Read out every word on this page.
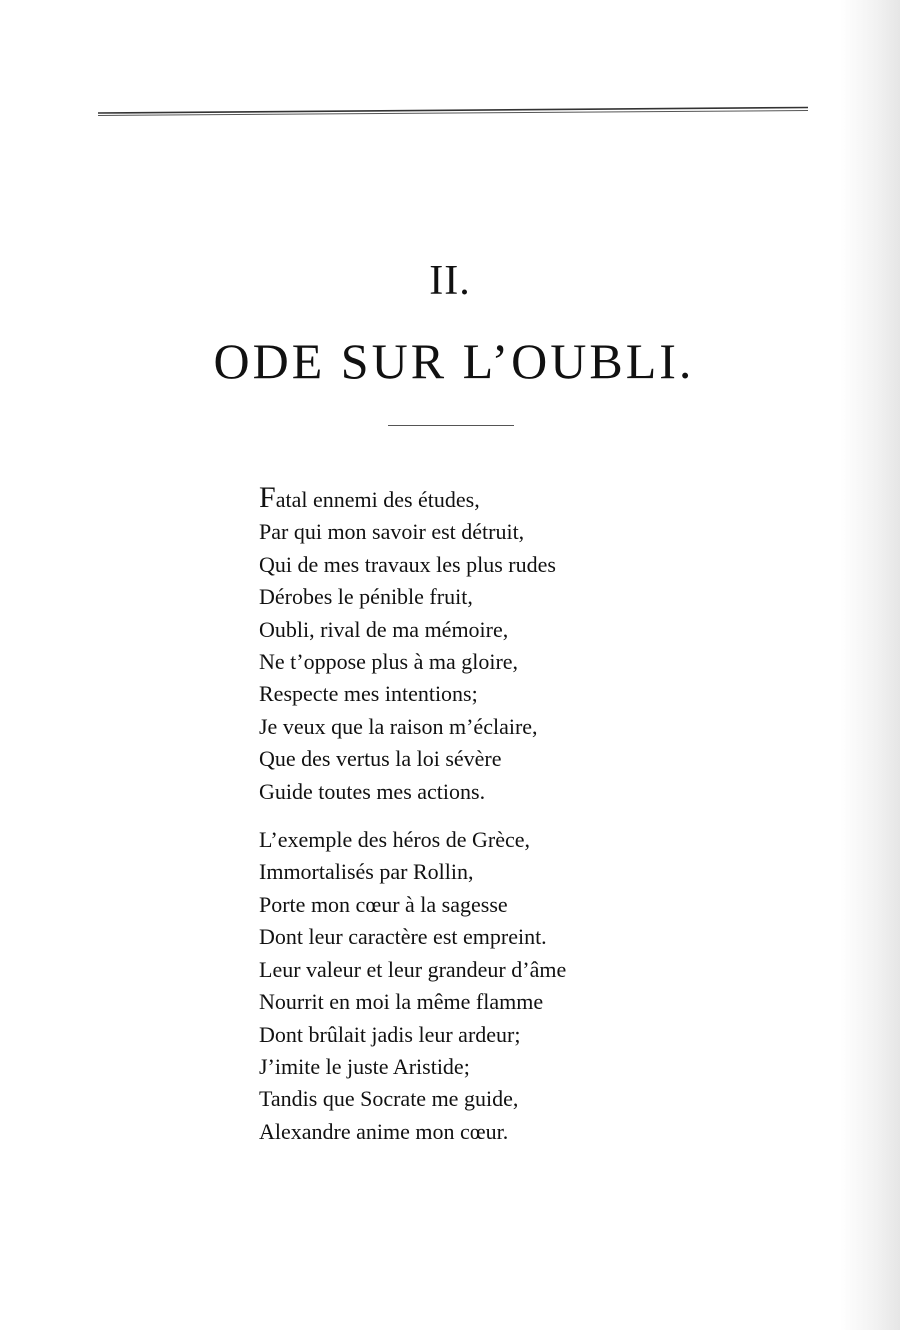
II.
ODE SUR L’OUBLI.
Fatal ennemi des études,
Par qui mon savoir est détruit,
Qui de mes travaux les plus rudes
Dérobes le pénible fruit,
Oubli, rival de ma mémoire,
Ne t’oppose plus à ma gloire,
Respecte mes intentions;
Je veux que la raison m’éclaire,
Que des vertus la loi sévère
Guide toutes mes actions.
L’exemple des héros de Grèce,
Immortalisés par Rollin,
Porte mon cœur à la sagesse
Dont leur caractère est empreint.
Leur valeur et leur grandeur d’âme
Nourrit en moi la même flamme
Dont brûlait jadis leur ardeur;
J’imite le juste Aristide;
Tandis que Socrate me guide,
Alexandre anime mon cœur.
